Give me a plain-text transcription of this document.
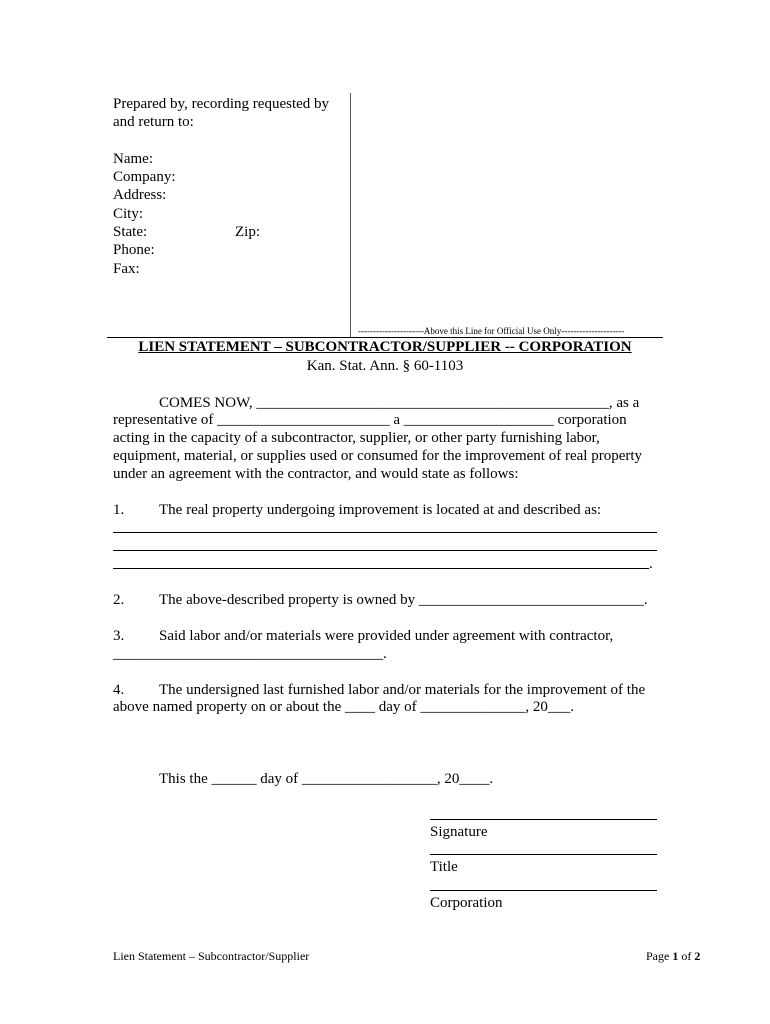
Prepared by, recording requested by
and return to:
Name:
Company:
Address:
City:
State:	Zip:
Phone:
Fax:
----------------------Above this Line for Official Use Only---------------------
LIEN STATEMENT – SUBCONTRACTOR/SUPPLIER -- CORPORATION
Kan. Stat. Ann. § 60-1103
COMES NOW, _______________________________________________, as a
representative of _______________________ a ____________________ corporation
acting in the capacity of a subcontractor, supplier, or other party furnishing labor,
equipment, material, or supplies used or consumed for the improvement of real property
under an agreement with the contractor, and would state as follows:
1. The real property undergoing improvement is located at and described as:
.
2. The above-described property is owned by ______________________________.
3. Said labor and/or materials were provided under agreement with contractor,
____________________________________.
4. The undersigned last furnished labor and/or materials for the improvement of the
above named property on or about the ____ day of ______________, 20___.
This the ______ day of __________________, 20____.
Signature
Title
Corporation
Lien Statement – Subcontractor/Supplier	Page 1 of 2
